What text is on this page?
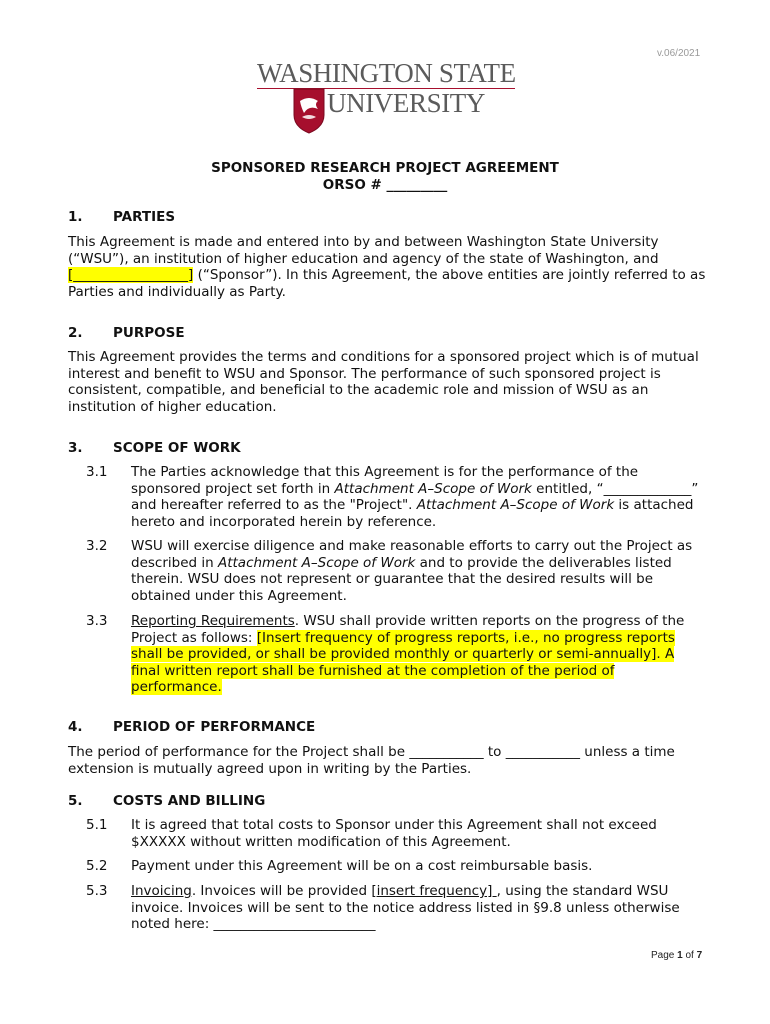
v.06/2021
WASHINGTON STATE
UNIVERSITY
SPONSORED RESEARCH PROJECT AGREEMENT
ORSO # _________
1. PARTIES
This Agreement is made and entered into by and between Washington State University (“WSU”), an institution of higher education and agency of the state of Washington, and [_________________] (“Sponsor”). In this Agreement, the above entities are jointly referred to as Parties and individually as Party.
2. PURPOSE
This Agreement provides the terms and conditions for a sponsored project which is of mutual interest and benefit to WSU and Sponsor. The performance of such sponsored project is consistent, compatible, and beneficial to the academic role and mission of WSU as an institution of higher education.
3. SCOPE OF WORK
3.1 The Parties acknowledge that this Agreement is for the performance of the sponsored project set forth in Attachment A–Scope of Work entitled, “_____________” and hereafter referred to as the "Project". Attachment A–Scope of Work is attached hereto and incorporated herein by reference.
3.2 WSU will exercise diligence and make reasonable efforts to carry out the Project as described in Attachment A–Scope of Work and to provide the deliverables listed therein. WSU does not represent or guarantee that the desired results will be obtained under this Agreement.
3.3 Reporting Requirements. WSU shall provide written reports on the progress of the Project as follows: [Insert frequency of progress reports, i.e., no progress reports shall be provided, or shall be provided monthly or quarterly or semi-annually]. A final written report shall be furnished at the completion of the period of performance.
4. PERIOD OF PERFORMANCE
The period of performance for the Project shall be ___________ to ___________ unless a time extension is mutually agreed upon in writing by the Parties.
5. COSTS AND BILLING
5.1 It is agreed that total costs to Sponsor under this Agreement shall not exceed $XXXXX without written modification of this Agreement.
5.2 Payment under this Agreement will be on a cost reimbursable basis.
5.3 Invoicing. Invoices will be provided [insert frequency] , using the standard WSU invoice. Invoices will be sent to the notice address listed in §9.8 unless otherwise noted here: ________________________
Page 1 of 7
